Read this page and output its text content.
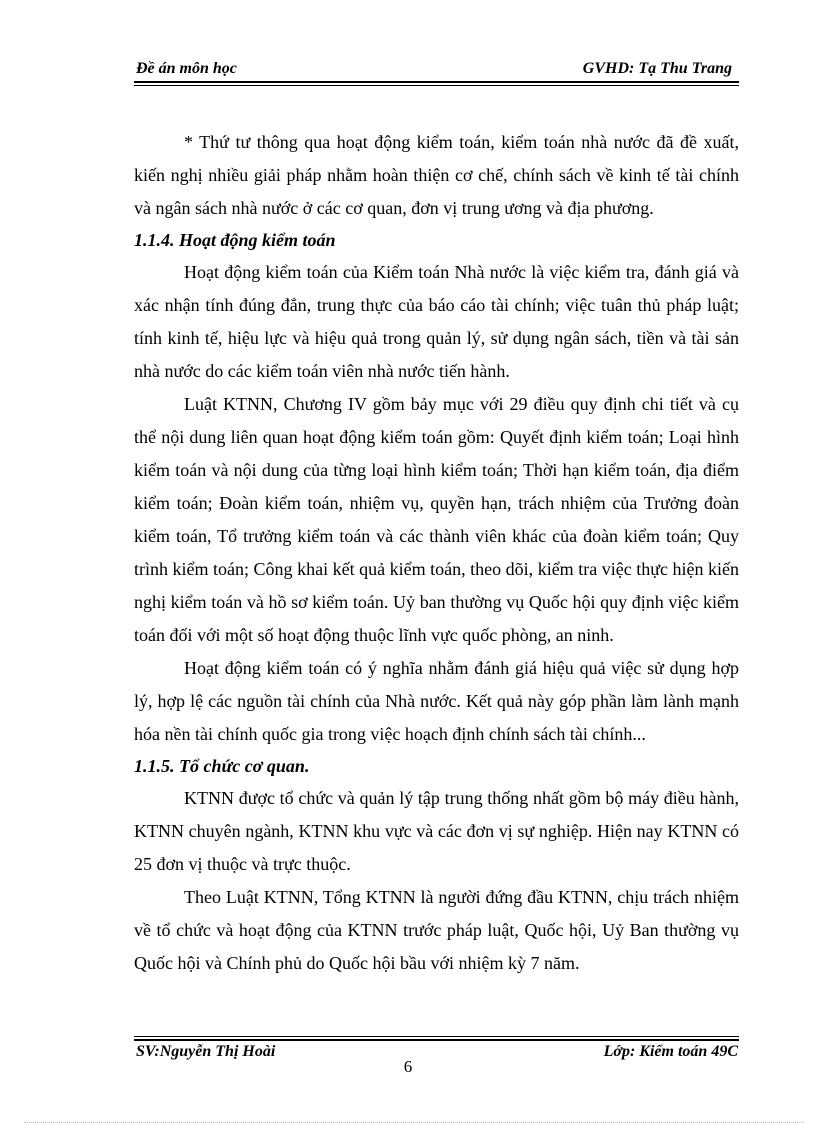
Đề án môn học	GVHD: Tạ Thu Trang

* Thứ tư thông qua hoạt động kiểm toán, kiểm toán nhà nước đã đề xuất, kiến nghị nhiều giải pháp nhằm hoàn thiện cơ chế, chính sách về kinh tế tài chính và ngân sách nhà nước ở các cơ quan, đơn vị trung ương và địa phương.

1.1.4. Hoạt động kiểm toán

Hoạt động kiểm toán của Kiểm toán Nhà nước là việc kiểm tra, đánh giá và xác nhận tính đúng đắn, trung thực của báo cáo tài chính; việc tuân thủ pháp luật; tính kinh tế, hiệu lực và hiệu quả trong quản lý, sử dụng ngân sách, tiền và tài sản nhà nước do các kiểm toán viên nhà nước tiến hành.

Luật KTNN, Chương IV gồm bảy mục với 29 điều quy định chi tiết và cụ thể nội dung liên quan hoạt động kiểm toán gồm: Quyết định kiểm toán; Loại hình kiểm toán và nội dung của từng loại hình kiểm toán; Thời hạn kiểm toán, địa điểm kiểm toán; Đoàn kiểm toán, nhiệm vụ, quyền hạn, trách nhiệm của Trưởng đoàn kiểm toán, Tổ trưởng kiểm toán và các thành viên khác của đoàn kiểm toán; Quy trình kiểm toán; Công khai kết quả kiểm toán, theo dõi, kiểm tra việc thực hiện kiến nghị kiểm toán và hồ sơ kiểm toán. Uỷ ban thường vụ Quốc hội quy định việc kiểm toán đối với một số hoạt động thuộc lĩnh vực quốc phòng, an ninh.

Hoạt động kiểm toán có ý nghĩa nhằm đánh giá hiệu quả việc sử dụng hợp lý, hợp lệ các nguồn tài chính của Nhà nước. Kết quả này góp phần làm lành mạnh hóa nền tài chính quốc gia trong việc hoạch định chính sách tài chính...

1.1.5. Tổ chức cơ quan.

KTNN được tổ chức và quản lý tập trung thống nhất gồm bộ máy điều hành, KTNN chuyên ngành, KTNN khu vực và các đơn vị sự nghiệp. Hiện nay KTNN có 25 đơn vị thuộc và trực thuộc.

Theo Luật KTNN, Tổng KTNN là người đứng đầu KTNN, chịu trách nhiệm về tổ chức và hoạt động của KTNN trước pháp luật, Quốc hội, Uỷ Ban thường vụ Quốc hội và Chính phủ do Quốc hội bầu với nhiệm kỳ 7 năm.

SV:Nguyễn Thị Hoài	Lớp: Kiểm toán 49C
6
